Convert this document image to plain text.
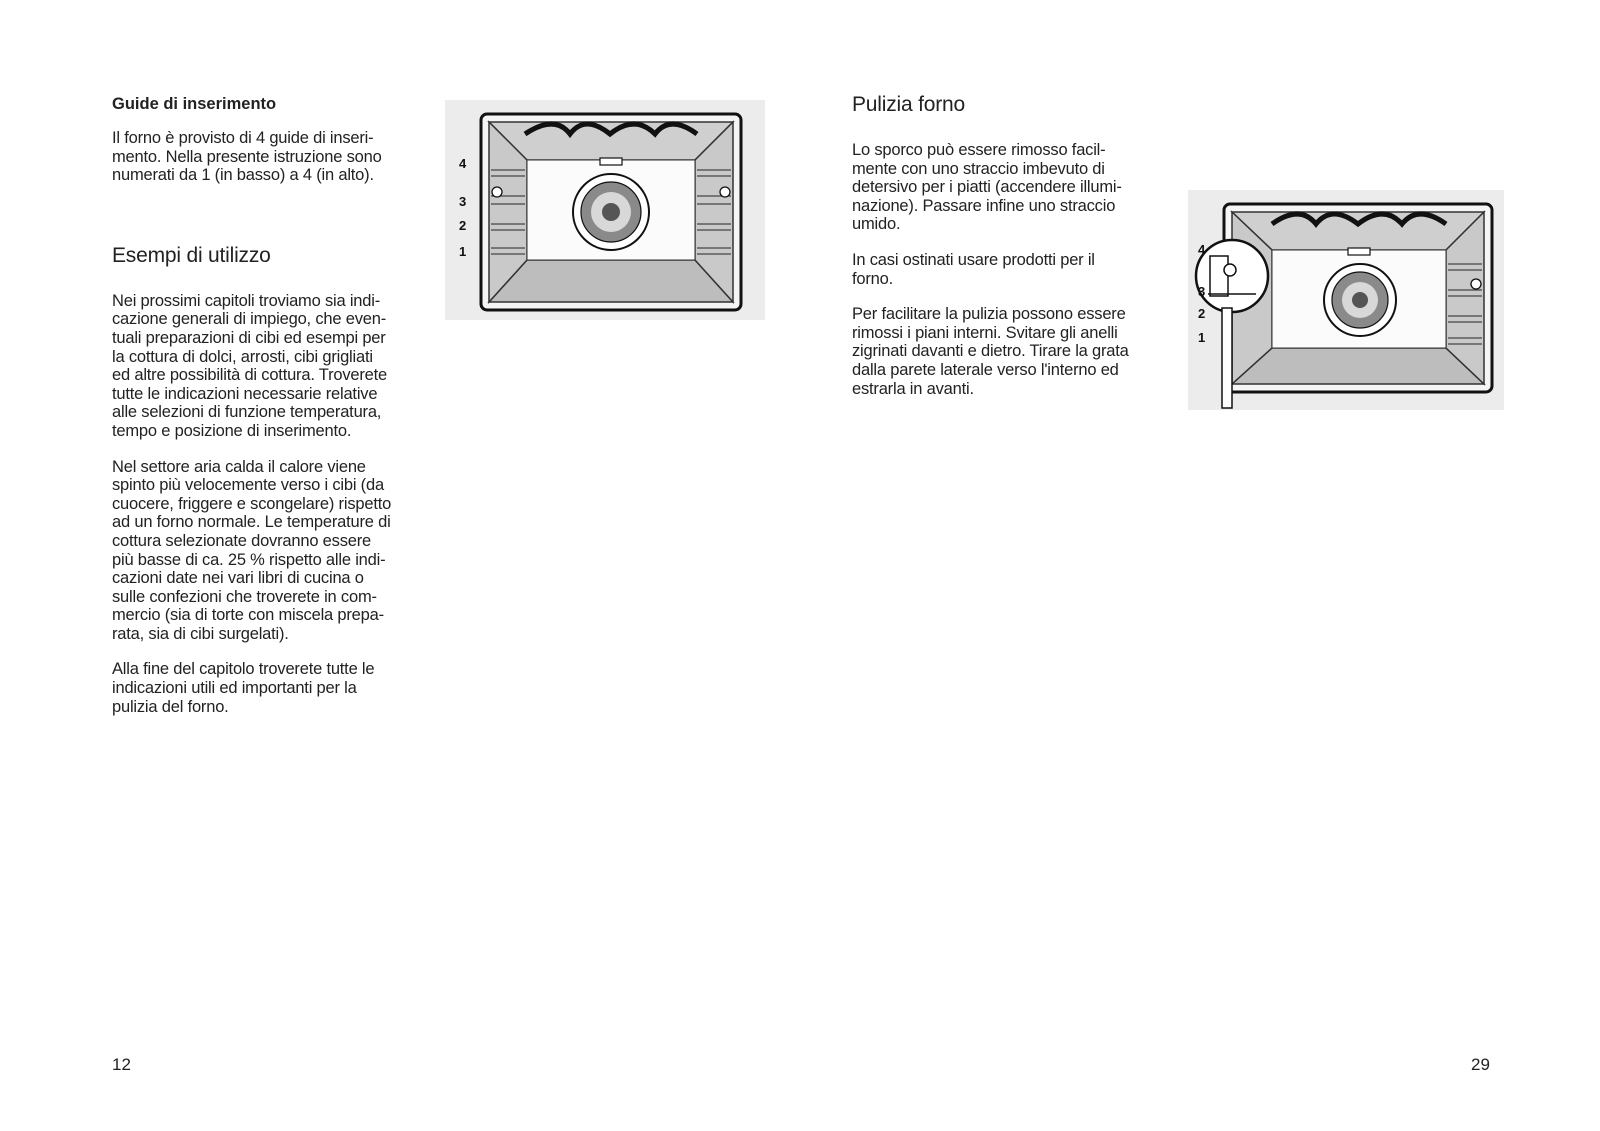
Guide di inserimento

Il forno è provisto di 4 guide di inseri-
mento. Nella presente istruzione sono
numerati da 1 (in basso) a 4 (in alto).

Esempi di utilizzo

Nei prossimi capitoli troviamo sia indi-
cazione generali di impiego, che even-
tuali preparazioni di cibi ed esempi per
la cottura di dolci, arrosti, cibi grigliati
ed altre possibilità di cottura. Troverete
tutte le indicazioni necessarie relative
alle selezioni di funzione temperatura,
tempo e posizione di inserimento.

Nel settore aria calda il calore viene
spinto più velocemente verso i cibi (da
cuocere, friggere e scongelare) rispetto
ad un forno normale. Le temperature di
cottura selezionate dovranno essere
più basse di ca. 25 % rispetto alle indi-
cazioni date nei vari libri di cucina o
sulle confezioni che troverete in com-
mercio (sia di torte con miscela prepa-
rata, sia di cibi surgelati).

Alla fine del capitolo troverete tutte le
indicazioni utili ed importanti per la
pulizia del forno.

4
3
2
1
12
Pulizia forno

Lo sporco può essere rimosso facil-
mente con uno straccio imbevuto di
detersivo per i piatti (accendere illumi-
nazione). Passare infine uno straccio
umido.

In casi ostinati usare prodotti per il
forno.

Per facilitare la pulizia possono essere
rimossi i piani interni. Svitare gli anelli
zigrinati davanti e dietro. Tirare la grata
dalla parete laterale verso l'interno ed
estrarla in avanti.

4
3
2
1
29
